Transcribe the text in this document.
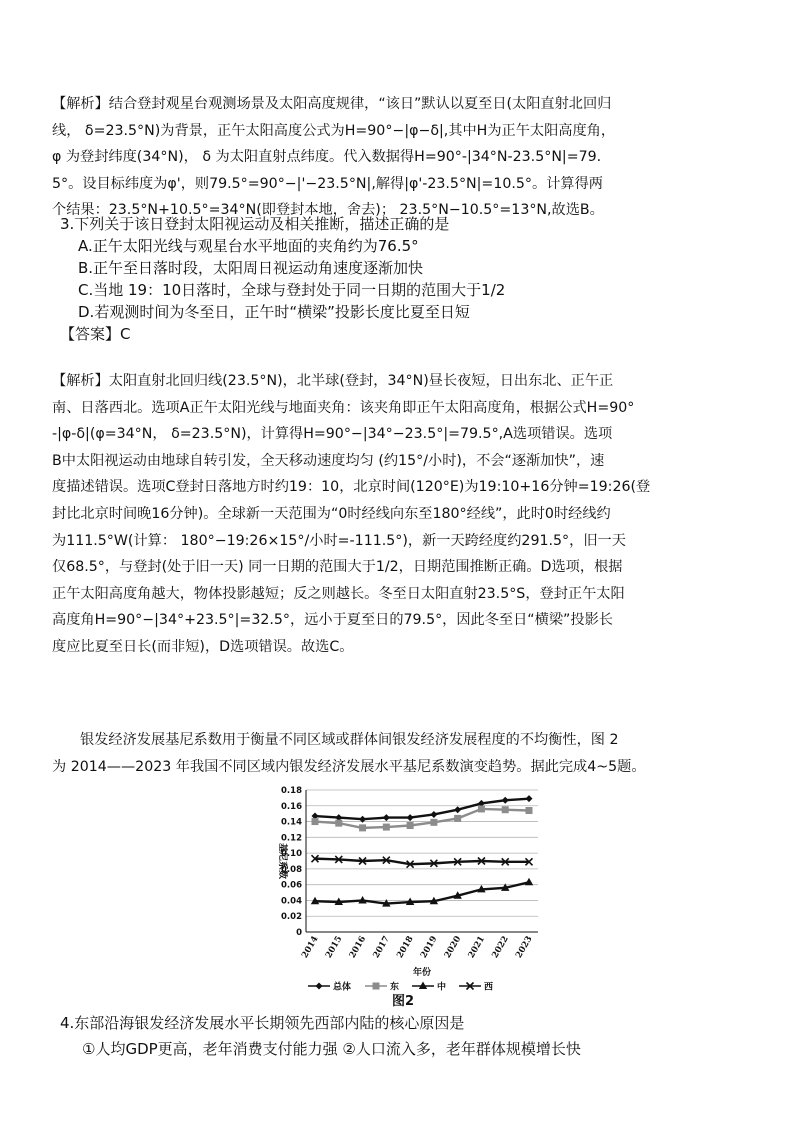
【解析】结合登封观星台观测场景及太阳高度规律，“该日”默认以夏至日(太阳直射北回归
线， δ=23.5°N)为背景，正午太阳高度公式为H=90°−|φ−δ|,其中H为正午太阳高度角，
φ 为登封纬度(34°N)， δ 为太阳直射点纬度。代入数据得H=90°-|34°N-23.5°N|=79.
5°。设目标纬度为φ'，则79.5°=90°−|'−23.5°N|,解得|φ'-23.5°N|=10.5°。计算得两
个结果：23.5°N+10.5°=34°N(即登封本地，舍去)； 23.5°N−10.5°=13°N,故选B。
3.下列关于该日登封太阳视运动及相关推断，描述正确的是
A.正午太阳光线与观星台水平地面的夹角约为76.5°
B.正午至日落时段，太阳周日视运动角速度逐渐加快
C.当地 19：10日落时，全球与登封处于同一日期的范围大于1/2
D.若观测时间为冬至日，正午时“横梁”投影长度比夏至日短
【答案】C
【解析】太阳直射北回归线(23.5°N)，北半球(登封，34°N)昼长夜短，日出东北、正午正
南、日落西北。选项A正午太阳光线与地面夹角：该夹角即正午太阳高度角，根据公式H=90°
-|φ-δ|(φ=34°N， δ=23.5°N)，计算得H=90°−|34°−23.5°|=79.5°,A选项错误。选项
B中太阳视运动由地球自转引发，全天移动速度均匀 (约15°/小时)，不会“逐渐加快”，速
度描述错误。选项C登封日落地方时约19：10，北京时间(120°E)为19:10+16分钟=19:26(登
封比北京时间晚16分钟)。全球新一天范围为“0时经线向东至180°经线”，此时0时经线约
为111.5°W(计算： 180°−19:26×15°/小时=-111.5°)，新一天跨经度约291.5°，旧一天
仅68.5°，与登封(处于旧一天) 同一日期的范围大于1/2，日期范围推断正确。D选项，根据
正午太阳高度角越大，物体投影越短；反之则越长。冬至日太阳直射23.5°S，登封正午太阳
高度角H=90°−|34°+23.5°|=32.5°，远小于夏至日的79.5°，因此冬至日“横梁”投影长
度应比夏至日长(而非短)，D选项错误。故选C。
银发经济发展基尼系数用于衡量不同区域或群体间银发经济发展程度的不均衡性，图 2
为 2014——2023 年我国不同区域内银发经济发展水平基尼系数演变趋势。据此完成4~5题。
0
0.02
0.04
0.06
0.08
0.10
0.12
0.14
0.16
0.18
2014 2015 2016 2017 2018 2019 2020 2021 2022 2023
基尼系数
年份
总体	东	中	西
图2
4.东部沿海银发经济发展水平长期领先西部内陆的核心原因是
①人均GDP更高，老年消费支付能力强 ②人口流入多，老年群体规模增长快
